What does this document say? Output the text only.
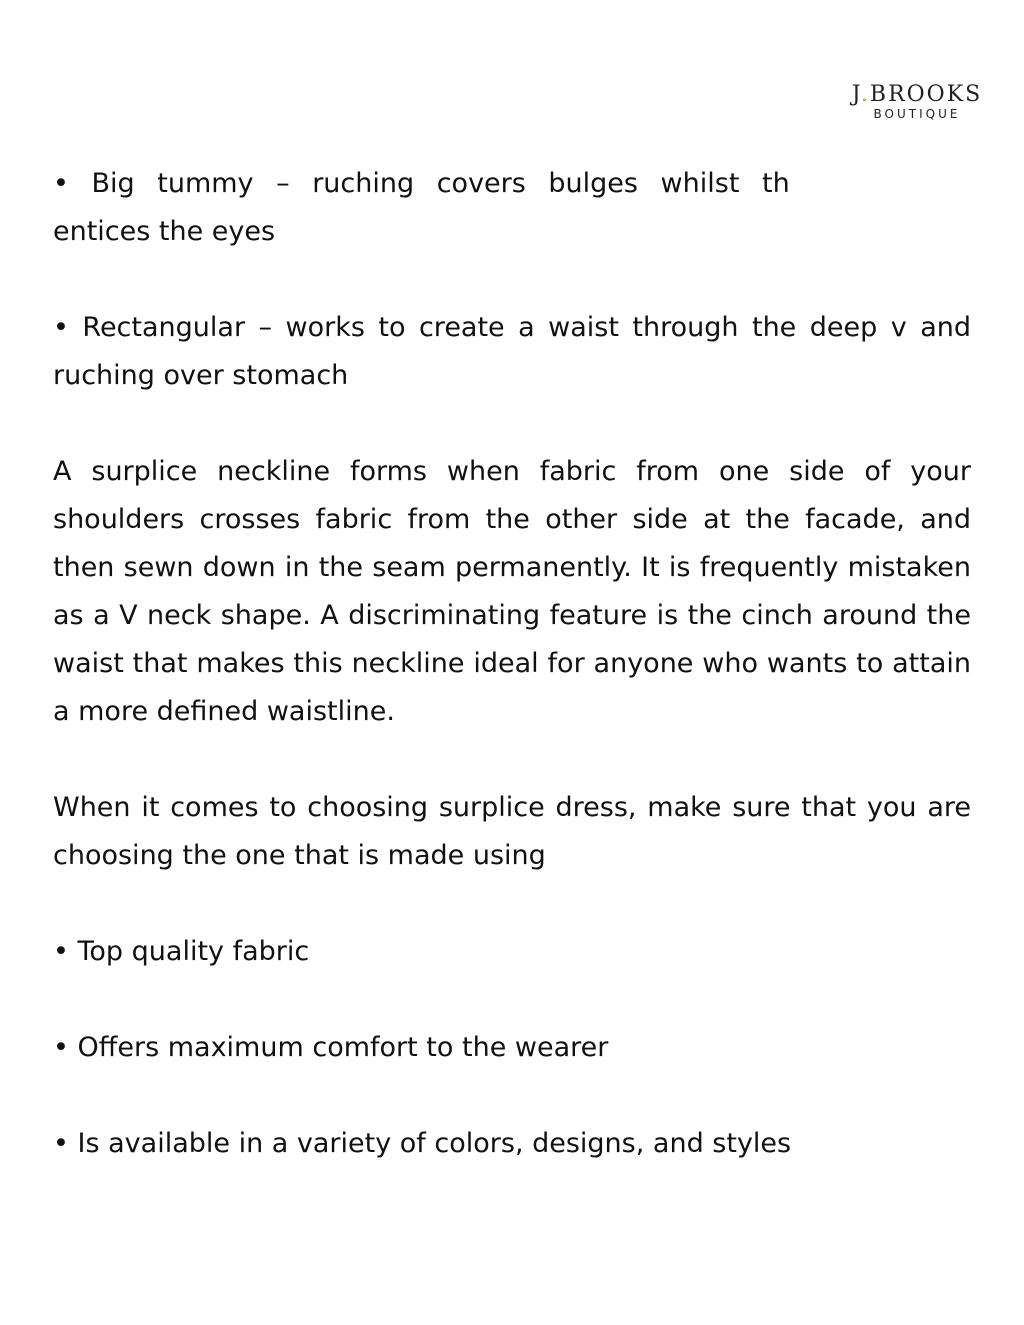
J.BROOKS
BOUTIQUE
• Big tummy – ruching covers bulges whilst th

entices the eyes

• Rectangular – works to create a waist through the deep v and ruching over stomach

A surplice neckline forms when fabric from one side of your shoulders crosses fabric from the other side at the facade, and then sewn down in the seam permanently. It is frequently mistaken as a V neck shape. A discriminating feature is the cinch around the waist that makes this neckline ideal for anyone who wants to attain a more defined waistline.

When it comes to choosing surplice dress, make sure that you are choosing the one that is made using

• Top quality fabric

• Offers maximum comfort to the wearer

• Is available in a variety of colors, designs, and styles
